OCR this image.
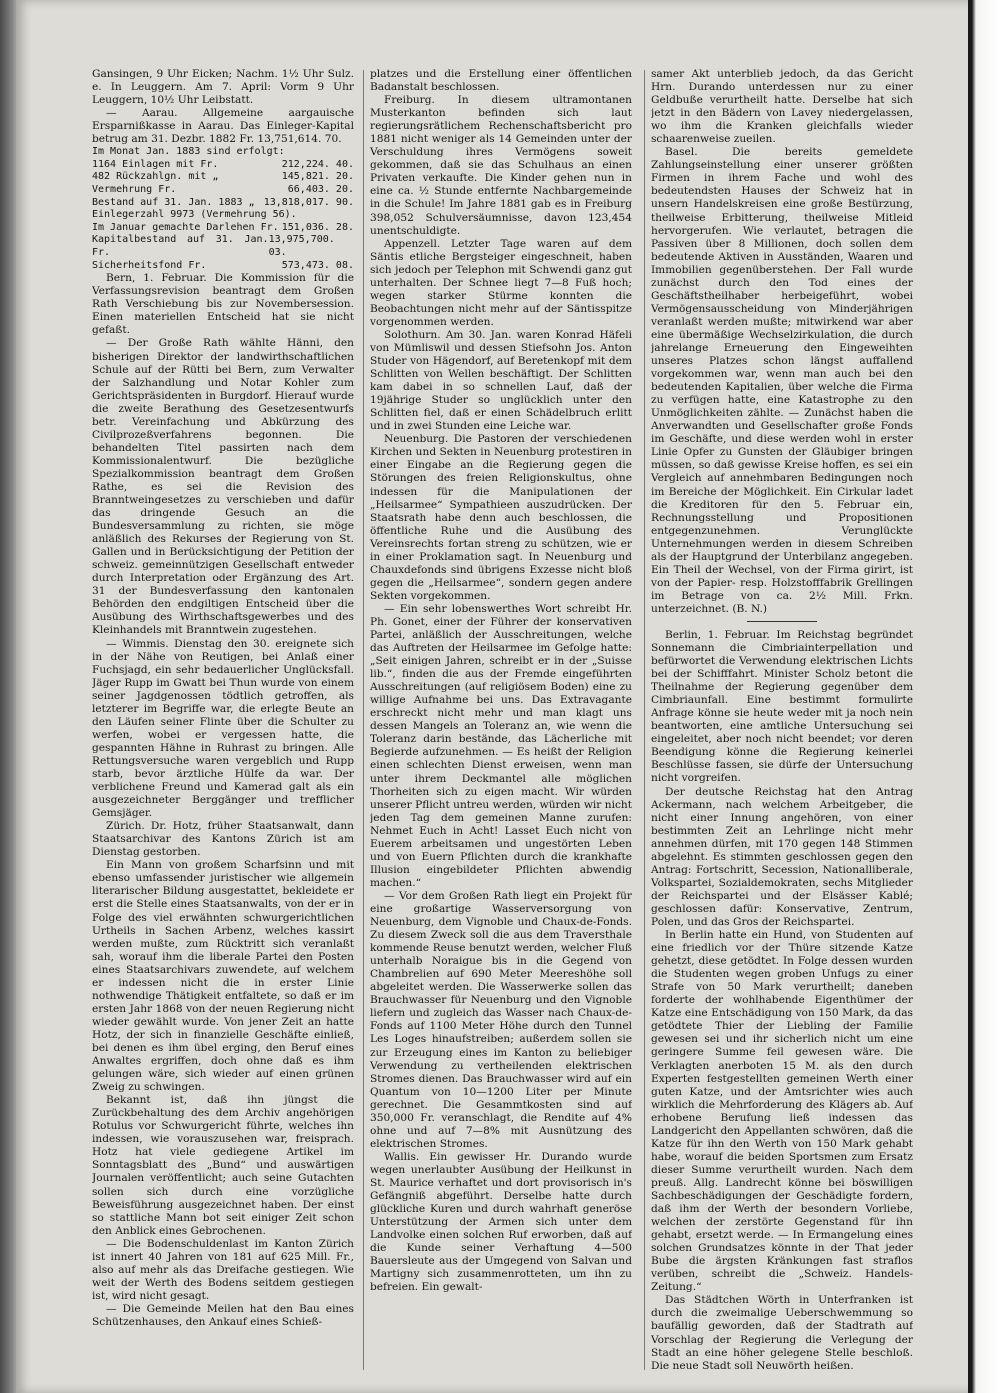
Gansingen, 9 Uhr Eicken; Nachm. 1½ Uhr Sulz. e. In Leuggern. Am 7. April: Vorm 9 Uhr Leuggern, 10½ Uhr Leibstatt.

— Aarau. Allgemeine aargauische Ersparnißkasse in Aarau. Das Einleger-Kapital betrug am 31. Dezbr. 1882 Fr. 13,751,614. 70.

Im Monat Jan. 1883 sind erfolgt:
1164 Einlagen mit Fr.	212,224. 40.
482 Rückzahlgn. mit „	145,821. 20.
Vermehrung Fr.	66,403. 20.
Bestand auf 31. Jan. 1883 „ 13,818,017. 90.
Einlegerzahl 9973 (Vermehrung 56).
Im Januar gemachte Darlehen Fr. 151,036. 28.
Kapitalbestand auf 31. Jan. Fr.
13,975,700. 03.
Sicherheitsfond Fr.	573,473. 08.

Bern, 1. Februar. Die Kommission für die Verfassungsrevision beantragt dem Großen Rath Verschiebung bis zur Novembersession. Einen materiellen Entscheid hat sie nicht gefaßt.

— Der Große Rath wählte Hänni, den bisherigen Direktor der landwirthschaftlichen Schule auf der Rütti bei Bern, zum Verwalter der Salzhandlung und Notar Kohler zum Gerichtspräsidenten in Burgdorf. Hierauf wurde die zweite Berathung des Gesetzesentwurfs betr. Vereinfachung und Abkürzung des Civilprozeßverfahrens begonnen. Die behandelten Titel passirten nach dem Kommissionalentwurf. Die bezügliche Spezialkommission beantragt dem Großen Rathe, es sei die Revision des Branntweingesetzes zu verschieben und dafür das dringende Gesuch an die Bundesversammlung zu richten, sie möge anläßlich des Rekurses der Regierung von St. Gallen und in Berücksichtigung der Petition der schweiz. gemeinnützigen Gesellschaft entweder durch Interpretation oder Ergänzung des Art. 31 der Bundesverfassung den kantonalen Behörden den endgiltigen Entscheid über die Ausübung des Wirthschaftsgewerbes und des Kleinhandels mit Branntwein zugestehen.

— Wimmis. Dienstag den 30. ereignete sich in der Nähe von Reutigen, bei Anlaß einer Fuchsjagd, ein sehr bedauerlicher Unglücksfall. Jäger Rupp im Gwatt bei Thun wurde von einem seiner Jagdgenossen tödtlich getroffen, als letzterer im Begriffe war, die erlegte Beute an den Läufen seiner Flinte über die Schulter zu werfen, wobei er vergessen hatte, die gespannten Hähne in Ruhrast zu bringen. Alle Rettungsversuche waren vergeblich und Rupp starb, bevor ärztliche Hülfe da war. Der verblichene Freund und Kamerad galt als ein ausgezeichneter Berggänger und trefflicher Gemsjäger.

Zürich. Dr. Hotz, früher Staatsanwalt, dann Staatsarchivar des Kantons Zürich ist am Dienstag gestorben.

Ein Mann von großem Scharfsinn und mit ebenso umfassender juristischer wie allgemein literarischer Bildung ausgestattet, bekleidete er erst die Stelle eines Staatsanwalts, von der er in Folge des viel erwähnten schwurgerichtlichen Urtheils in Sachen Arbenz, welches kassirt werden mußte, zum Rücktritt sich veranlaßt sah, worauf ihm die liberale Partei den Posten eines Staatsarchivars zuwendete, auf welchem er indessen nicht die in erster Linie nothwendige Thätigkeit entfaltete, so daß er im ersten Jahr 1868 von der neuen Regierung nicht wieder gewählt wurde. Von jener Zeit an hatte Hotz, der sich in finanzielle Geschäfte einließ, bei denen es ihm übel erging, den Beruf eines Anwaltes ergriffen, doch ohne daß es ihm gelungen wäre, sich wieder auf einen grünen Zweig zu schwingen.

Bekannt ist, daß ihn jüngst die Zurückbehaltung des dem Archiv angehörigen Rotulus vor Schwurgericht führte, welches ihn indessen, wie vorauszusehen war, freisprach. Hotz hat viele gediegene Artikel im Sonntagsblatt des „Bund“ und auswärtigen Journalen veröffentlicht; auch seine Gutachten sollen sich durch eine vorzügliche Beweisführung ausgezeichnet haben. Der einst so stattliche Mann bot seit einiger Zeit schon den Anblick eines Gebrochenen.

— Die Bodenschuldenlast im Kanton Zürich ist innert 40 Jahren von 181 auf 625 Mill. Fr., also auf mehr als das Dreifache gestiegen. Wie weit der Werth des Bodens seitdem gestiegen ist, wird nicht gesagt.

— Die Gemeinde Meilen hat den Bau eines Schützenhauses, den Ankauf eines Schieß-

platzes und die Erstellung einer öffentlichen Badanstalt beschlossen.

Freiburg. In diesem ultramontanen Musterkanton befinden sich laut regierungsrätlichem Rechenschaftsbericht pro 1881 nicht weniger als 14 Gemeinden unter der Verschuldung ihres Vermögens soweit gekommen, daß sie das Schulhaus an einen Privaten verkaufte. Die Kinder gehen nun in eine ca. ½ Stunde entfernte Nachbargemeinde in die Schule! Im Jahre 1881 gab es in Freiburg 398,052 Schulversäumnisse, davon 123,454 unentschuldigte.

Appenzell. Letzter Tage waren auf dem Säntis etliche Bergsteiger eingeschneit, haben sich jedoch per Telephon mit Schwendi ganz gut unterhalten. Der Schnee liegt 7—8 Fuß hoch; wegen starker Stürme konnten die Beobachtungen nicht mehr auf der Säntisspitze vorgenommen werden.

Solothurn. Am 30. Jan. waren Konrad Häfeli von Mümliswil und dessen Stiefsohn Jos. Anton Studer von Hägendorf, auf Beretenkopf mit dem Schlitten von Wellen beschäftigt. Der Schlitten kam dabei in so schnellen Lauf, daß der 19jährige Studer so unglücklich unter den Schlitten fiel, daß er einen Schädelbruch erlitt und in zwei Stunden eine Leiche war.

Neuenburg. Die Pastoren der verschiedenen Kirchen und Sekten in Neuenburg protestiren in einer Eingabe an die Regierung gegen die Störungen des freien Religionskultus, ohne indessen für die Manipulationen der „Heilsarmee“ Sympathieen auszudrücken. Der Staatsrath habe denn auch beschlossen, die öffentliche Ruhe und die Ausübung des Vereinsrechts fortan streng zu schützen, wie er in einer Proklamation sagt. In Neuenburg und Chauxdefonds sind übrigens Exzesse nicht bloß gegen die „Heilsarmee“, sondern gegen andere Sekten vorgekommen.

— Ein sehr lobenswerthes Wort schreibt Hr. Ph. Gonet, einer der Führer der konservativen Partei, anläßlich der Ausschreitungen, welche das Auftreten der Heilsarmee im Gefolge hatte: „Seit einigen Jahren, schreibt er in der „Suisse lib.“, finden die aus der Fremde eingeführten Ausschreitungen (auf religiösem Boden) eine zu willige Aufnahme bei uns. Das Extravagante erschreckt nicht mehr und man klagt uns dessen Mangels an Toleranz an, wie wenn die Toleranz darin bestände, das Lächerliche mit Begierde aufzunehmen. — Es heißt der Religion einen schlechten Dienst erweisen, wenn man unter ihrem Deckmantel alle möglichen Thorheiten sich zu eigen macht. Wir würden unserer Pflicht untreu werden, würden wir nicht jeden Tag dem gemeinen Manne zurufen: Nehmet Euch in Acht! Lasset Euch nicht von Euerem arbeitsamen und ungestörten Leben und von Euern Pflichten durch die krankhafte Illusion eingebildeter Pflichten abwendig machen.“

— Vor dem Großen Rath liegt ein Projekt für eine großartige Wasserversorgung von Neuenburg, dem Vignoble und Chaux-de-Fonds. Zu diesem Zweck soll die aus dem Traversthale kommende Reuse benutzt werden, welcher Fluß unterhalb Noraigue bis in die Gegend von Chambrelien auf 690 Meter Meereshöhe soll abgeleitet werden. Die Wasserwerke sollen das Brauchwasser für Neuenburg und den Vignoble liefern und zugleich das Wasser nach Chaux-de-Fonds auf 1100 Meter Höhe durch den Tunnel Les Loges hinaufstreiben; außerdem sollen sie zur Erzeugung eines im Kanton zu beliebiger Verwendung zu vertheilenden elektrischen Stromes dienen. Das Brauchwasser wird auf ein Quantum von 10—1200 Liter per Minute gerechnet. Die Gesammtkosten sind auf 350,000 Fr. veranschlagt, die Rendite auf 4% ohne und auf 7—8% mit Ausnützung des elektrischen Stromes.

Wallis. Ein gewisser Hr. Durando wurde wegen unerlaubter Ausübung der Heilkunst in St. Maurice verhaftet und dort provisorisch in's Gefängniß abgeführt. Derselbe hatte durch glückliche Kuren und durch wahrhaft generöse Unterstützung der Armen sich unter dem Landvolke einen solchen Ruf erworben, daß auf die Kunde seiner Verhaftung 4—500 Bauersleute aus der Umgegend von Salvan und Martigny sich zusammenrotteten, um ihn zu befreien. Ein gewalt-

samer Akt unterblieb jedoch, da das Gericht Hrn. Durando unterdessen nur zu einer Geldbuße verurtheilt hatte. Derselbe hat sich jetzt in den Bädern von Lavey niedergelassen, wo ihm die Kranken gleichfalls wieder schaarenweise zueilen.

Basel. Die bereits gemeldete Zahlungseinstellung einer unserer größten Firmen in ihrem Fache und wohl des bedeutendsten Hauses der Schweiz hat in unsern Handelskreisen eine große Bestürzung, theilweise Erbitterung, theilweise Mitleid hervorgerufen. Wie verlautet, betragen die Passiven über 8 Millionen, doch sollen dem bedeutende Aktiven in Ausständen, Waaren und Immobilien gegenüberstehen. Der Fall wurde zunächst durch den Tod eines der Geschäftstheilhaber herbeigeführt, wobei Vermögensausscheidung von Minderjährigen veranlaßt werden mußte; mitwirkend war aber eine übermäßige Wechselzirkulation, die durch jahrelange Erneuerung den Eingeweihten unseres Platzes schon längst auffallend vorgekommen war, wenn man auch bei den bedeutenden Kapitalien, über welche die Firma zu verfügen hatte, eine Katastrophe zu den Unmöglichkeiten zählte. — Zunächst haben die Anverwandten und Gesellschafter große Fonds im Geschäfte, und diese werden wohl in erster Linie Opfer zu Gunsten der Gläubiger bringen müssen, so daß gewisse Kreise hoffen, es sei ein Vergleich auf annehmbaren Bedingungen noch im Bereiche der Möglichkeit. Ein Cirkular ladet die Kreditoren für den 5. Februar ein, Rechnungsstellung und Propositionen entgegenzunehmen. Verunglückte Unternehmungen werden in diesem Schreiben als der Hauptgrund der Unterbilanz angegeben. Ein Theil der Wechsel, von der Firma girirt, ist von der Papier- resp. Holzstofffabrik Grellingen im Betrage von ca. 2½ Mill. Frkn. unterzeichnet. (B. N.)

Berlin, 1. Februar. Im Reichstag begründet Sonnemann die Cimbriainterpellation und befürwortet die Verwendung elektrischen Lichts bei der Schifffahrt. Minister Scholz betont die Theilnahme der Regierung gegenüber dem Cimbriaunfall. Eine bestimmt formulirte Anfrage könne sie heute weder mit ja noch nein beantworten, eine amtliche Untersuchung sei eingeleitet, aber noch nicht beendet; vor deren Beendigung könne die Regierung keinerlei Beschlüsse fassen, sie dürfe der Untersuchung nicht vorgreifen.

Der deutsche Reichstag hat den Antrag Ackermann, nach welchem Arbeitgeber, die nicht einer Innung angehören, von einer bestimmten Zeit an Lehrlinge nicht mehr annehmen dürfen, mit 170 gegen 148 Stimmen abgelehnt. Es stimmten geschlossen gegen den Antrag: Fortschritt, Secession, Nationalliberale, Volkspartei, Sozialdemokraten, sechs Mitglieder der Reichspartei und der Elsässer Kablé; geschlossen dafür: Konservative, Zentrum, Polen, und das Gros der Reichspartei.

In Berlin hatte ein Hund, von Studenten auf eine friedlich vor der Thüre sitzende Katze gehetzt, diese getödtet. In Folge dessen wurden die Studenten wegen groben Unfugs zu einer Strafe von 50 Mark verurtheilt; daneben forderte der wohlhabende Eigenthümer der Katze eine Entschädigung von 150 Mark, da das getödtete Thier der Liebling der Familie gewesen sei und ihr sicherlich nicht um eine geringere Summe feil gewesen wäre. Die Verklagten anerboten 15 M. als den durch Experten festgestellten gemeinen Werth einer guten Katze, und der Amtsrichter wies auch wirklich die Mehrforderung des Klägers ab. Auf erhobene Berufung ließ indessen das Landgericht den Appellanten schwören, daß die Katze für ihn den Werth von 150 Mark gehabt habe, worauf die beiden Sportsmen zum Ersatz dieser Summe verurtheilt wurden. Nach dem preuß. Allg. Landrecht könne bei böswilligen Sachbeschädigungen der Geschädigte fordern, daß ihm der Werth der besondern Vorliebe, welchen der zerstörte Gegenstand für ihn gehabt, ersetzt werde. — In Ermangelung eines solchen Grundsatzes könnte in der That jeder Bube die ärgsten Kränkungen fast straflos verüben, schreibt die „Schweiz. Handels-Zeitung.“

Das Städtchen Wörth in Unterfranken ist durch die zweimalige Ueberschwemmung so baufällig geworden, daß der Stadtrath auf Vorschlag der Regierung die Verlegung der Stadt an eine höher gelegene Stelle beschloß. Die neue Stadt soll Neuwörth heißen.
